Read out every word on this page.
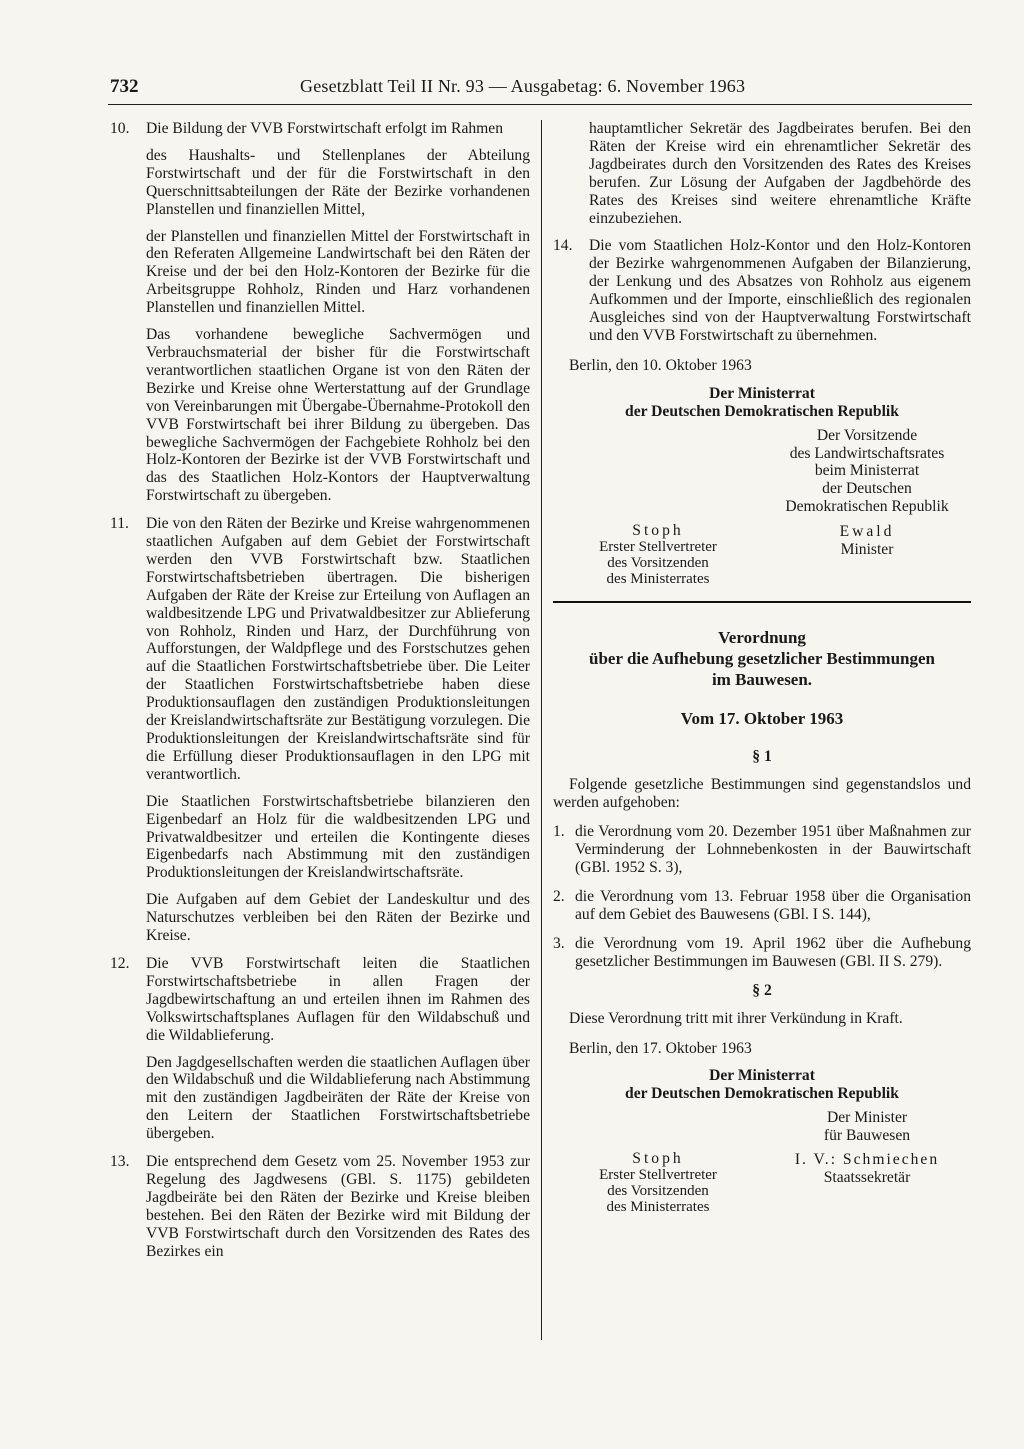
732	Gesetzblatt Teil II Nr. 93 — Ausgabetag: 6. November 1963
10. Die Bildung der VVB Forstwirtschaft erfolgt im Rahmen

des Haushalts- und Stellenplanes der Abteilung Forstwirtschaft und der für die Forstwirtschaft in den Querschnittsabteilungen der Räte der Bezirke vorhandenen Planstellen und finanziellen Mittel,

der Planstellen und finanziellen Mittel der Forstwirtschaft in den Referaten Allgemeine Landwirtschaft bei den Räten der Kreise und der bei den Holz-Kontoren der Bezirke für die Arbeitsgruppe Rohholz, Rinden und Harz vorhandenen Planstellen und finanziellen Mittel.

Das vorhandene bewegliche Sachvermögen und Verbrauchsmaterial der bisher für die Forstwirtschaft verantwortlichen staatlichen Organe ist von den Räten der Bezirke und Kreise ohne Werterstattung auf der Grundlage von Vereinbarungen mit Übergabe-Übernahme-Protokoll den VVB Forstwirtschaft bei ihrer Bildung zu übergeben. Das bewegliche Sachvermögen der Fachgebiete Rohholz bei den Holz-Kontoren der Bezirke ist der VVB Forstwirtschaft und das des Staatlichen Holz-Kontors der Hauptverwaltung Forstwirtschaft zu übergeben.

11. Die von den Räten der Bezirke und Kreise wahrgenommenen staatlichen Aufgaben auf dem Gebiet der Forstwirtschaft werden den VVB Forstwirtschaft bzw. Staatlichen Forstwirtschaftsbetrieben übertragen. Die bisherigen Aufgaben der Räte der Kreise zur Erteilung von Auflagen an waldbesitzende LPG und Privatwaldbesitzer zur Ablieferung von Rohholz, Rinden und Harz, der Durchführung von Aufforstungen, der Waldpflege und des Forstschutzes gehen auf die Staatlichen Forstwirtschaftsbetriebe über. Die Leiter der Staatlichen Forstwirtschaftsbetriebe haben diese Produktionsauflagen den zuständigen Produktionsleitungen der Kreislandwirtschaftsräte zur Bestätigung vorzulegen. Die Produktionsleitungen der Kreislandwirtschaftsräte sind für die Erfüllung dieser Produktionsauflagen in den LPG mit verantwortlich.

Die Staatlichen Forstwirtschaftsbetriebe bilanzieren den Eigenbedarf an Holz für die waldbesitzenden LPG und Privatwaldbesitzer und erteilen die Kontingente dieses Eigenbedarfs nach Abstimmung mit den zuständigen Produktionsleitungen der Kreislandwirtschaftsräte.

Die Aufgaben auf dem Gebiet der Landeskultur und des Naturschutzes verbleiben bei den Räten der Bezirke und Kreise.

12. Die VVB Forstwirtschaft leiten die Staatlichen Forstwirtschaftsbetriebe in allen Fragen der Jagdbewirtschaftung an und erteilen ihnen im Rahmen des Volkswirtschaftsplanes Auflagen für den Wildabschuß und die Wildablieferung.

Den Jagdgesellschaften werden die staatlichen Auflagen über den Wildabschuß und die Wildablieferung nach Abstimmung mit den zuständigen Jagdbeiräten der Räte der Kreise von den Leitern der Staatlichen Forstwirtschaftsbetriebe übergeben.

13. Die entsprechend dem Gesetz vom 25. November 1953 zur Regelung des Jagdwesens (GBl. S. 1175) gebildeten Jagdbeiräte bei den Räten der Bezirke und Kreise bleiben bestehen. Bei den Räten der Bezirke wird mit Bildung der VVB Forstwirtschaft durch den Vorsitzenden des Rates des Bezirkes ein

hauptamtlicher Sekretär des Jagdbeirates berufen. Bei den Räten der Kreise wird ein ehrenamtlicher Sekretär des Jagdbeirates durch den Vorsitzenden des Rates des Kreises berufen. Zur Lösung der Aufgaben der Jagdbehörde des Rates des Kreises sind weitere ehrenamtliche Kräfte einzubeziehen.

14. Die vom Staatlichen Holz-Kontor und den Holz-Kontoren der Bezirke wahrgenommenen Aufgaben der Bilanzierung, der Lenkung und des Absatzes von Rohholz aus eigenem Aufkommen und der Importe, einschließlich des regionalen Ausgleiches sind von der Hauptverwaltung Forstwirtschaft und den VVB Forstwirtschaft zu übernehmen.

Berlin, den 10. Oktober 1963
Der Ministerrat
der Deutschen Demokratischen Republik
Der Vorsitzende
des Landwirtschaftsrates
beim Ministerrat
der Deutschen
Demokratischen Republik
Stoph
Erster Stellvertreter
des Vorsitzenden
des Ministerrates
Ewald
Minister
Verordnung
über die Aufhebung gesetzlicher Bestimmungen
im Bauwesen.
Vom 17. Oktober 1963
§ 1

Folgende gesetzliche Bestimmungen sind gegenstandslos und werden aufgehoben:

1. die Verordnung vom 20. Dezember 1951 über Maßnahmen zur Verminderung der Lohnnebenkosten in der Bauwirtschaft (GBl. 1952 S. 3),
2. die Verordnung vom 13. Februar 1958 über die Organisation auf dem Gebiet des Bauwesens (GBl. I S. 144),
3. die Verordnung vom 19. April 1962 über die Aufhebung gesetzlicher Bestimmungen im Bauwesen (GBl. II S. 279).
§ 2

Diese Verordnung tritt mit ihrer Verkündung in Kraft.

Berlin, den 17. Oktober 1963
Der Ministerrat
der Deutschen Demokratischen Republik
Der Minister
für Bauwesen
Stoph
Erster Stellvertreter
des Vorsitzenden
des Ministerrates
I. V.: Schmiechen
Staatssekretär
